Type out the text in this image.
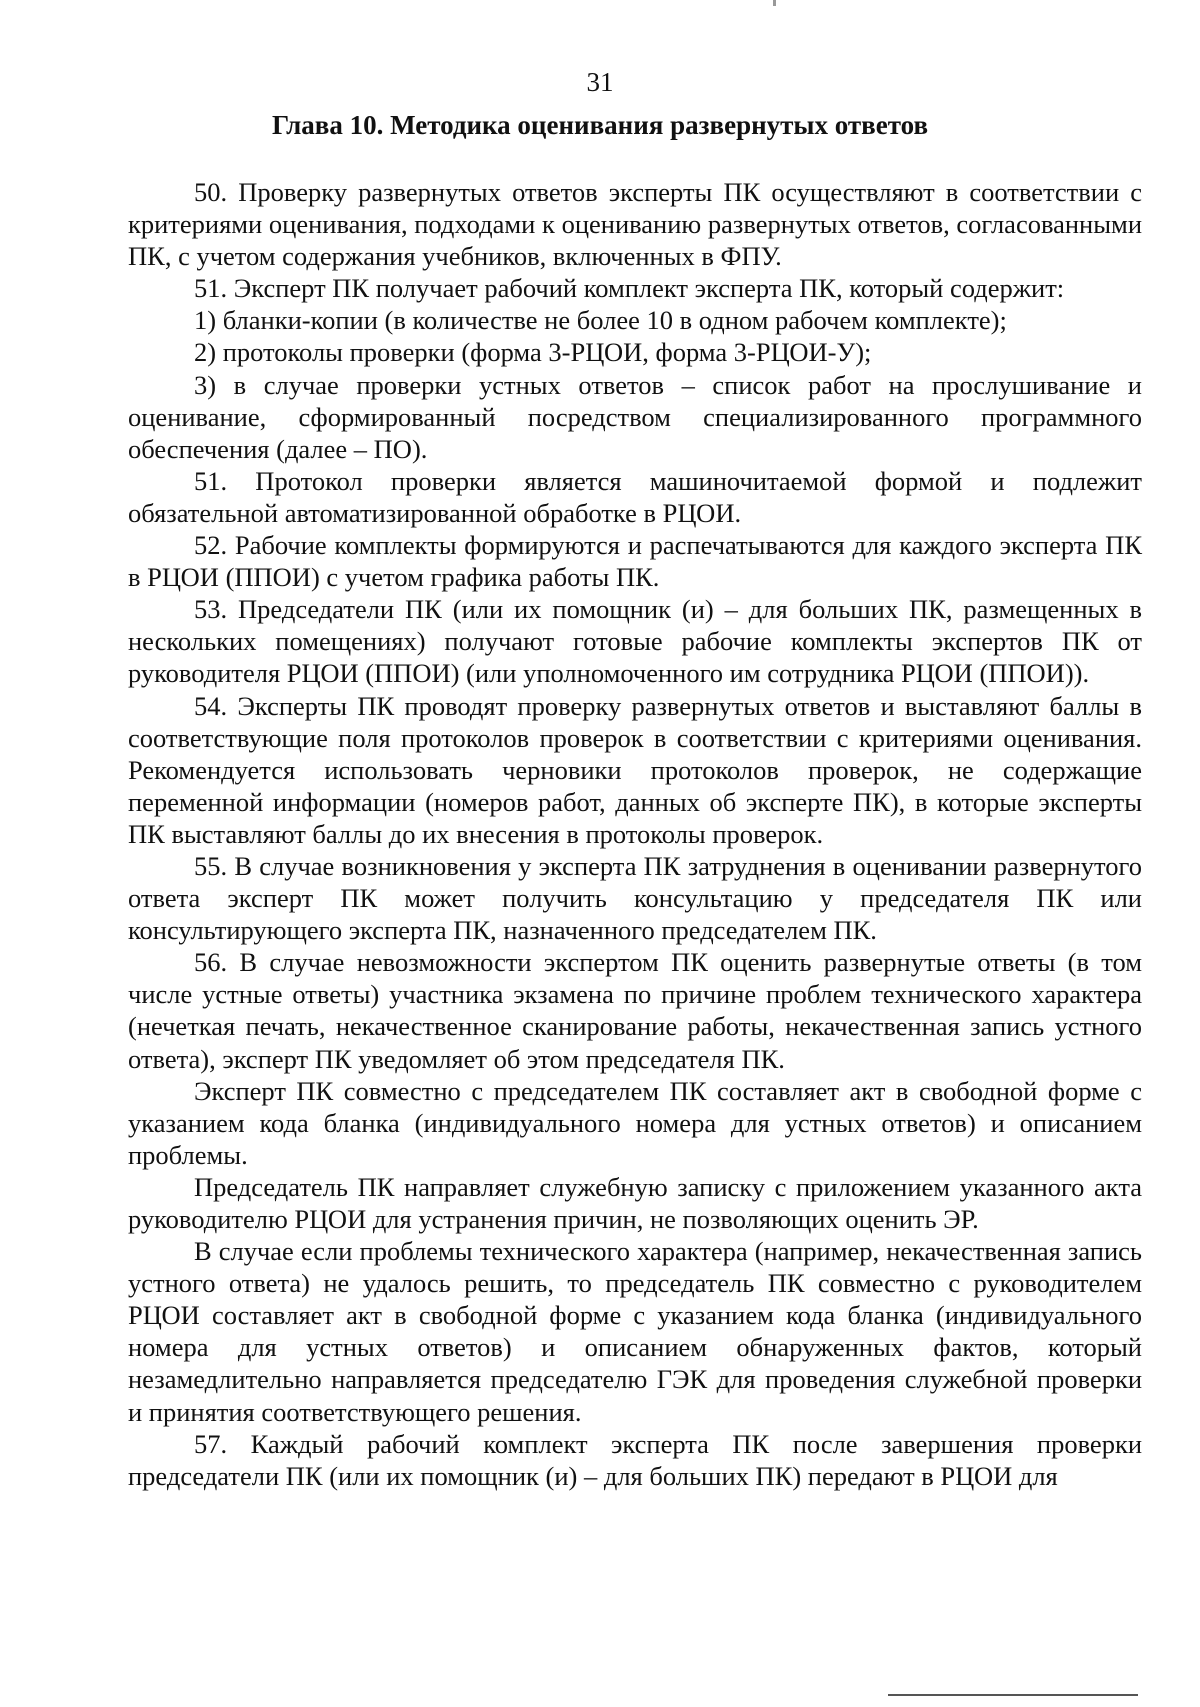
31
Глава 10. Методика оценивания развернутых ответов

50. Проверку развернутых ответов эксперты ПК осуществляют в соответствии с критериями оценивания, подходами к оцениванию развернутых ответов, согласованными ПК, с учетом содержания учебников, включенных в ФПУ.

51. Эксперт ПК получает рабочий комплект эксперта ПК, который содержит:

1) бланки-копии (в количестве не более 10 в одном рабочем комплекте);

2) протоколы проверки (форма 3-РЦОИ, форма 3-РЦОИ-У);

3) в случае проверки устных ответов – список работ на прослушивание и оценивание, сформированный посредством специализированного программного обеспечения (далее – ПО).

51. Протокол проверки является машиночитаемой формой и подлежит обязательной автоматизированной обработке в РЦОИ.

52. Рабочие комплекты формируются и распечатываются для каждого эксперта ПК в РЦОИ (ППОИ) с учетом графика работы ПК.

53. Председатели ПК (или их помощник (и) – для больших ПК, размещенных в нескольких помещениях) получают готовые рабочие комплекты экспертов ПК от руководителя РЦОИ (ППОИ) (или уполномоченного им сотрудника РЦОИ (ППОИ)).

54. Эксперты ПК проводят проверку развернутых ответов и выставляют баллы в соответствующие поля протоколов проверок в соответствии с критериями оценивания. Рекомендуется использовать черновики протоколов проверок, не содержащие переменной информации (номеров работ, данных об эксперте ПК), в которые эксперты ПК выставляют баллы до их внесения в протоколы проверок.

55. В случае возникновения у эксперта ПК затруднения в оценивании развернутого ответа эксперт ПК может получить консультацию у председателя ПК или консультирующего эксперта ПК, назначенного председателем ПК.

56. В случае невозможности экспертом ПК оценить развернутые ответы (в том числе устные ответы) участника экзамена по причине проблем технического характера (нечеткая печать, некачественное сканирование работы, некачественная запись устного ответа), эксперт ПК уведомляет об этом председателя ПК.

Эксперт ПК совместно с председателем ПК составляет акт в свободной форме с указанием кода бланка (индивидуального номера для устных ответов) и описанием проблемы.

Председатель ПК направляет служебную записку с приложением указанного акта руководителю РЦОИ для устранения причин, не позволяющих оценить ЭР.

В случае если проблемы технического характера (например, некачественная запись устного ответа) не удалось решить, то председатель ПК совместно с руководителем РЦОИ составляет акт в свободной форме с указанием кода бланка (индивидуального номера для устных ответов) и описанием обнаруженных фактов, который незамедлительно направляется председателю ГЭК для проведения служебной проверки и принятия соответствующего решения.

57. Каждый рабочий комплект эксперта ПК после завершения проверки председатели ПК (или их помощник (и) – для больших ПК) передают в РЦОИ для
